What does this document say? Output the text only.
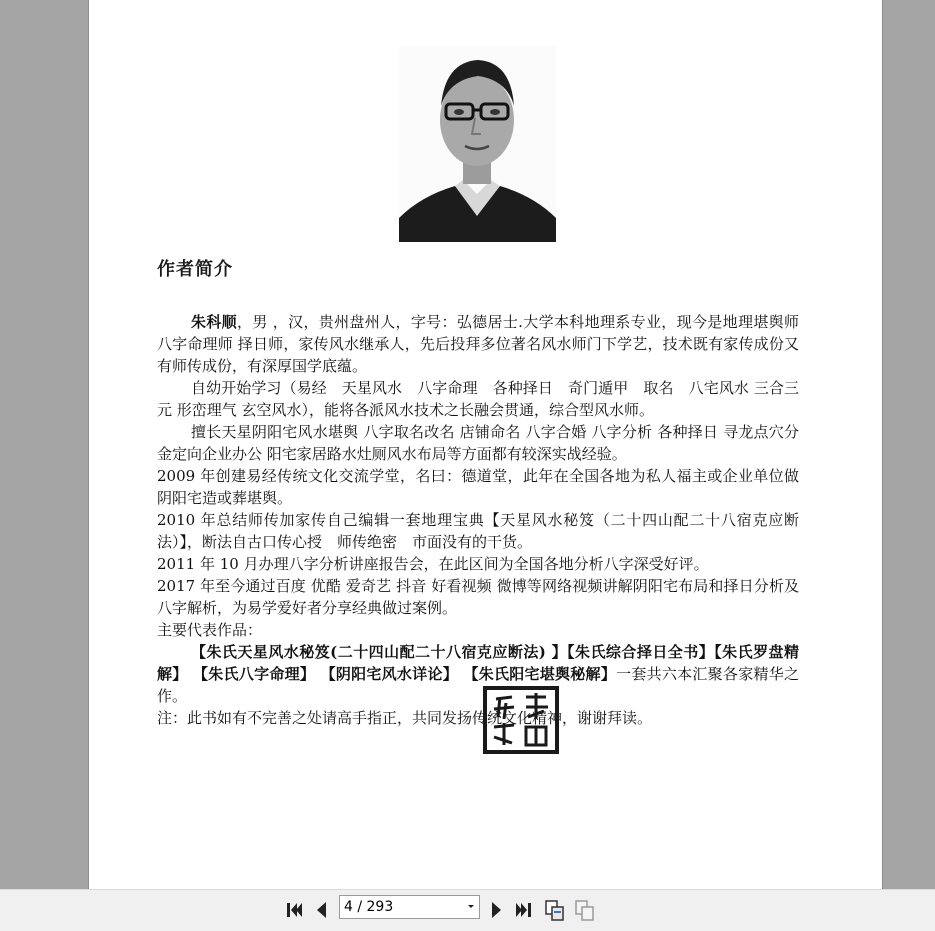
作者简介

朱科顺，男 ，汉，贵州盘州人，字号：弘德居士.大学本科地理系专业，现今是地理堪舆师 八字命理师 择日师，家传风水继承人，先后投拜多位著名风水师门下学艺，技术既有家传成份又有师传成份，有深厚国学底蕴。

自幼开始学习（易经　天星风水　八字命理　各种择日　奇门遁甲　取名　八宅风水 三合三元 形峦理气 玄空风水），能将各派风水技术之长融会贯通，综合型风水师。

擅长天星阴阳宅风水堪舆 八字取名改名 店铺命名 八字合婚 八字分析 各种择日 寻龙点穴分金定向企业办公 阳宅家居路水灶厕风水布局等方面都有较深实战经验。

2009 年创建易经传统文化交流学堂，名曰：德道堂，此年在全国各地为私人福主或企业单位做阴阳宅造或葬堪舆。

2010 年总结师传加家传自己编辑一套地理宝典【天星风水秘笈（二十四山配二十八宿克应断法）】，断法自古口传心授　师传绝密　市面没有的干货。

2011 年 10 月办理八字分析讲座报告会，在此区间为全国各地分析八字深受好评。

2017 年至今通过百度 优酷 爱奇艺 抖音 好看视频 微博等网络视频讲解阴阳宅布局和择日分析及八字解析，为易学爱好者分享经典做过案例。

主要代表作品：

【朱氏天星风水秘笈(二十四山配二十八宿克应断法) 】【朱氏综合择日全书】【朱氏罗盘精解】 【朱氏八字命理】 【阴阳宅风水详论】 【朱氏阳宅堪舆秘解】一套共六本汇聚各家精华之作。

注：此书如有不完善之处请高手指正，共同发扬传统文化精神，谢谢拜读。

4 / 293
